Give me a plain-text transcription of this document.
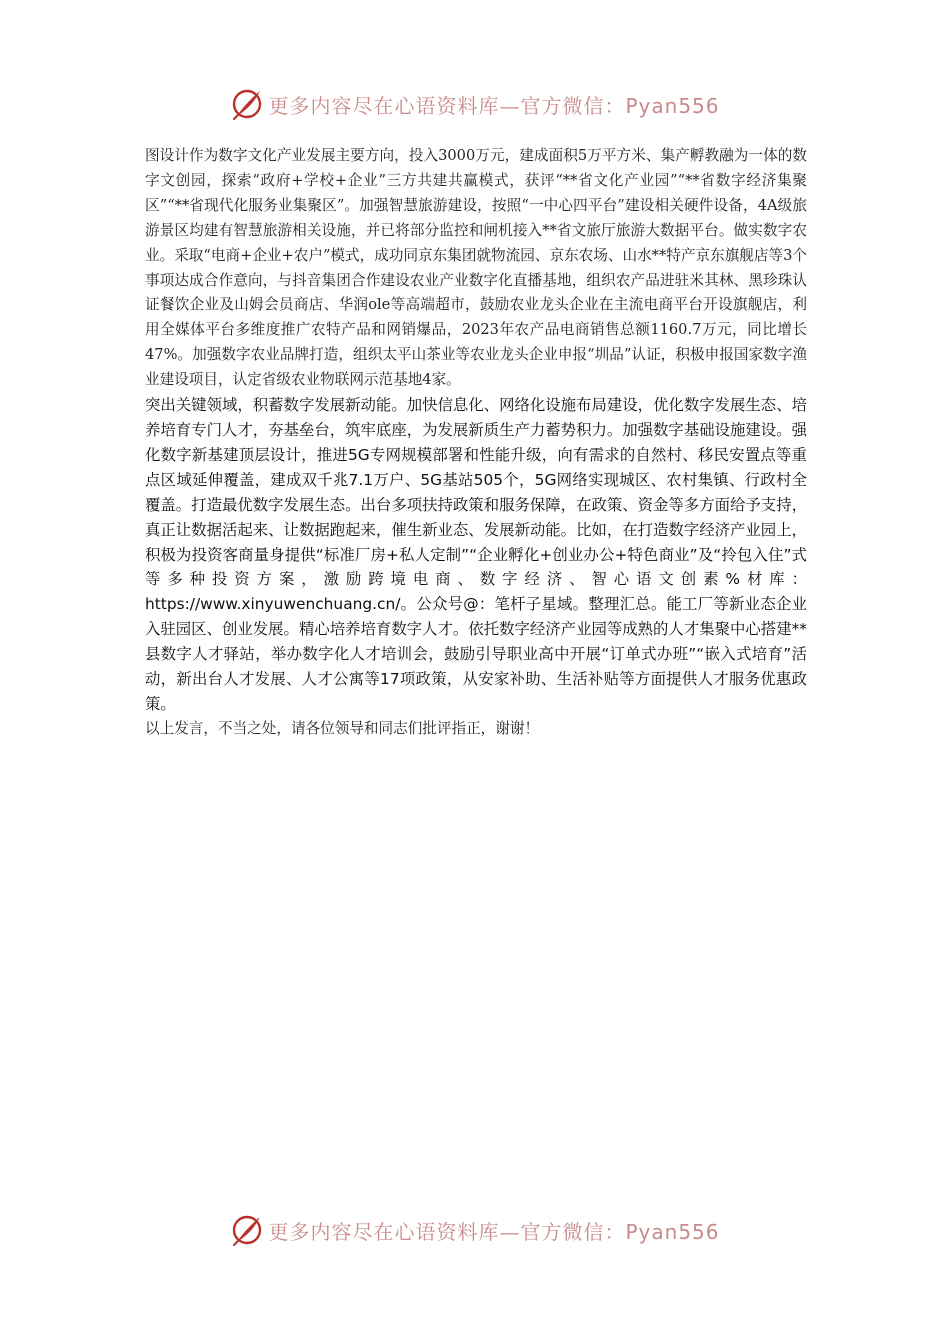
更多内容尽在心语资料库—官方微信：Pyan556

图设计作为数字文化产业发展主要方向，投入3000万元，建成面积5万平方米、集产孵教融为一体的数字文创园，探索“政府+学校+企业”三方共建共赢模式，获评“**省文化产业园”“**省数字经济集聚区”“**省现代化服务业集聚区”。加强智慧旅游建设，按照“一中心四平台”建设相关硬件设备，4A级旅游景区均建有智慧旅游相关设施，并已将部分监控和闸机接入**省文旅厅旅游大数据平台。做实数字农业。采取“电商+企业+农户”模式，成功同京东集团就物流园、京东农场、山水**特产京东旗舰店等3个事项达成合作意向，与抖音集团合作建设农业产业数字化直播基地，组织农产品进驻米其林、黑珍珠认证餐饮企业及山姆会员商店、华润ole等高端超市，鼓励农业龙头企业在主流电商平台开设旗舰店，利用全媒体平台多维度推广农特产品和网销爆品，2023年农产品电商销售总额1160.7万元，同比增长47%。加强数字农业品牌打造，组织太平山茶业等农业龙头企业申报“圳品”认证，积极申报国家数字渔业建设项目，认定省级农业物联网示范基地4家。

突出关键领域，积蓄数字发展新动能。加快信息化、网络化设施布局建设，优化数字发展生态、培养培育专门人才，夯基垒台，筑牢底座，为发展新质生产力蓄势积力。加强数字基础设施建设。强化数字新基建顶层设计，推进5G专网规模部署和性能升级，向有需求的自然村、移民安置点等重点区域延伸覆盖，建成双千兆7.1万户、5G基站505个，5G网络实现城区、农村集镇、行政村全覆盖。打造最优数字发展生态。出台多项扶持政策和服务保障，在政策、资金等多方面给予支持，真正让数据活起来、让数据跑起来，催生新业态、发展新动能。比如，在打造数字经济产业园上，积极为投资客商量身提供“标准厂房+私人定制”“企业孵化+创业办公+特色商业”及“拎包入住”式等多种投资方案，激励跨境电商、数字经济、智心语文创素%材库：https://www.xinyuwenchuang.cn/。公众号@：笔杆子星域。整理汇总。能工厂等新业态企业入驻园区、创业发展。精心培养培育数字人才。依托数字经济产业园等成熟的人才集聚中心搭建**县数字人才驿站，举办数字化人才培训会，鼓励引导职业高中开展“订单式办班”“嵌入式培育”活动，新出台人才发展、人才公寓等17项政策，从安家补助、生活补贴等方面提供人才服务优惠政策。

以上发言，不当之处，请各位领导和同志们批评指正，谢谢！

更多内容尽在心语资料库—官方微信：Pyan556
